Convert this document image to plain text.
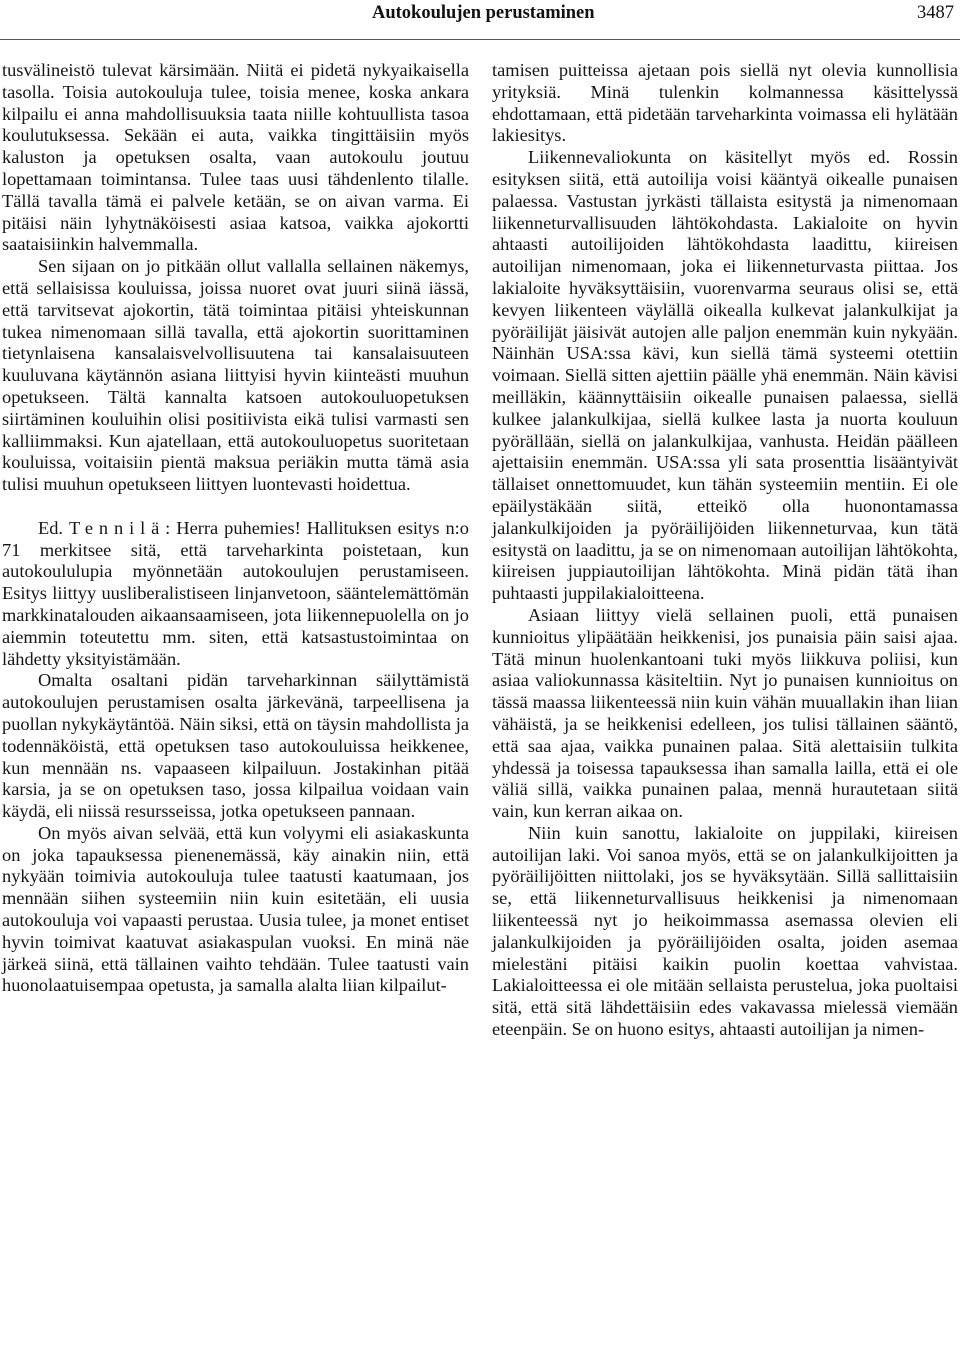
Autokoulujen perustaminen	3487

tusvälineistö tulevat kärsimään. Niitä ei pidetä nykyaikaisella tasolla. Toisia autokouluja tulee, toisia menee, koska ankara kilpailu ei anna mahdollisuuksia taata niille kohtuullista tasoa koulutuksessa. Sekään ei auta, vaikka tingittäisiin myös kaluston ja opetuksen osalta, vaan autokoulu joutuu lopettamaan toimintansa. Tulee taas uusi tähdenlento tilalle. Tällä tavalla tämä ei palvele ketään, se on aivan varma. Ei pitäisi näin lyhytnäköisesti asiaa katsoa, vaikka ajokortti saataisiinkin halvemmalla.

Sen sijaan on jo pitkään ollut vallalla sellainen näkemys, että sellaisissa kouluissa, joissa nuoret ovat juuri siinä iässä, että tarvitsevat ajokortin, tätä toimintaa pitäisi yhteiskunnan tukea nimenomaan sillä tavalla, että ajokortin suorittaminen tietynlaisena kansalaisvelvollisuutena tai kansalaisuuteen kuuluvana käytännön asiana liittyisi hyvin kiinteästi muuhun opetukseen. Tältä kannalta katsoen autokouluopetuksen siirtäminen kouluihin olisi positiivista eikä tulisi varmasti sen kalliimmaksi. Kun ajatellaan, että autokouluopetus suoritetaan kouluissa, voitaisiin pientä maksua periäkin mutta tämä asia tulisi muuhun opetukseen liittyen luontevasti hoidettua.

Ed. Tennilä: Herra puhemies! Hallituksen esitys n:o 71 merkitsee sitä, että tarveharkinta poistetaan, kun autokoululupia myönnetään autokoulujen perustamiseen. Esitys liittyy uusliberalistiseen linjanvetoon, sääntelemättömän markkinatalouden aikaansaamiseen, jota liikennepuolella on jo aiemmin toteutettu mm. siten, että katsastustoimintaa on lähdetty yksityistämään.

Omalta osaltani pidän tarveharkinnan säilyttämistä autokoulujen perustamisen osalta järkevänä, tarpeellisena ja puollan nykykäytäntöä. Näin siksi, että on täysin mahdollista ja todennäköistä, että opetuksen taso autokouluissa heikkenee, kun mennään ns. vapaaseen kilpailuun. Jostakinhan pitää karsia, ja se on opetuksen taso, jossa kilpailua voidaan vain käydä, eli niissä resursseissa, jotka opetukseen pannaan.

On myös aivan selvää, että kun volyymi eli asiakaskunta on joka tapauksessa pienenemässä, käy ainakin niin, että nykyään toimivia autokouluja tulee taatusti kaatumaan, jos mennään siihen systeemiin niin kuin esitetään, eli uusia autokouluja voi vapaasti perustaa. Uusia tulee, ja monet entiset hyvin toimivat kaatuvat asiakaspulan vuoksi. En minä näe järkeä siinä, että tällainen vaihto tehdään. Tulee taatusti vain huonolaatuisempaa opetusta, ja samalla alalta liian kilpailut-

tamisen puitteissa ajetaan pois siellä nyt olevia kunnollisia yrityksiä. Minä tulenkin kolmannessa käsittelyssä ehdottamaan, että pidetään tarveharkinta voimassa eli hylätään lakiesitys.

Liikennevaliokunta on käsitellyt myös ed. Rossin esityksen siitä, että autoilija voisi kääntyä oikealle punaisen palaessa. Vastustan jyrkästi tällaista esitystä ja nimenomaan liikenneturvallisuuden lähtökohdasta. Lakialoite on hyvin ahtaasti autoilijoiden lähtökohdasta laadittu, kiireisen autoilijan nimenomaan, joka ei liikenneturvasta piittaa. Jos lakialoite hyväksyttäisiin, vuorenvarma seuraus olisi se, että kevyen liikenteen väylällä oikealla kulkevat jalankulkijat ja pyöräilijät jäisivät autojen alle paljon enemmän kuin nykyään. Näinhän USA:ssa kävi, kun siellä tämä systeemi otettiin voimaan. Siellä sitten ajettiin päälle yhä enemmän. Näin kävisi meilläkin, käännyttäisiin oikealle punaisen palaessa, siellä kulkee jalankulkijaa, siellä kulkee lasta ja nuorta kouluun pyörällään, siellä on jalankulkijaa, vanhusta. Heidän päälleen ajettaisiin enemmän. USA:ssa yli sata prosenttia lisääntyivät tällaiset onnettomuudet, kun tähän systeemiin mentiin. Ei ole epäilystäkään siitä, etteikö olla huonontamassa jalankulkijoiden ja pyöräilijöiden liikenneturvaa, kun tätä esitystä on laadittu, ja se on nimenomaan autoilijan lähtökohta, kiireisen juppiautoilijan lähtökohta. Minä pidän tätä ihan puhtaasti juppilakialoitteena.

Asiaan liittyy vielä sellainen puoli, että punaisen kunnioitus ylipäätään heikkenisi, jos punaisia päin saisi ajaa. Tätä minun huolenkantoani tuki myös liikkuva poliisi, kun asiaa valiokunnassa käsiteltiin. Nyt jo punaisen kunnioitus on tässä maassa liikenteessä niin kuin vähän muuallakin ihan liian vähäistä, ja se heikkenisi edelleen, jos tulisi tällainen sääntö, että saa ajaa, vaikka punainen palaa. Sitä alettaisiin tulkita yhdessä ja toisessa tapauksessa ihan samalla lailla, että ei ole väliä sillä, vaikka punainen palaa, mennä hurautetaan siitä vain, kun kerran aikaa on.

Niin kuin sanottu, lakialoite on juppilaki, kiireisen autoilijan laki. Voi sanoa myös, että se on jalankulkijoitten ja pyöräilijöitten niittolaki, jos se hyväksytään. Sillä sallittaisiin se, että liikenneturvallisuus heikkenisi ja nimenomaan liikenteessä nyt jo heikoimmassa asemassa olevien eli jalankulkijoiden ja pyöräilijöiden osalta, joiden asemaa mielestäni pitäisi kaikin puolin koettaa vahvistaa. Lakialoitteessa ei ole mitään sellaista perustelua, joka puoltaisi sitä, että sitä lähdettäisiin edes vakavassa mielessä viemään eteenpäin. Se on huono esitys, ahtaasti autoilijan ja nimen-
